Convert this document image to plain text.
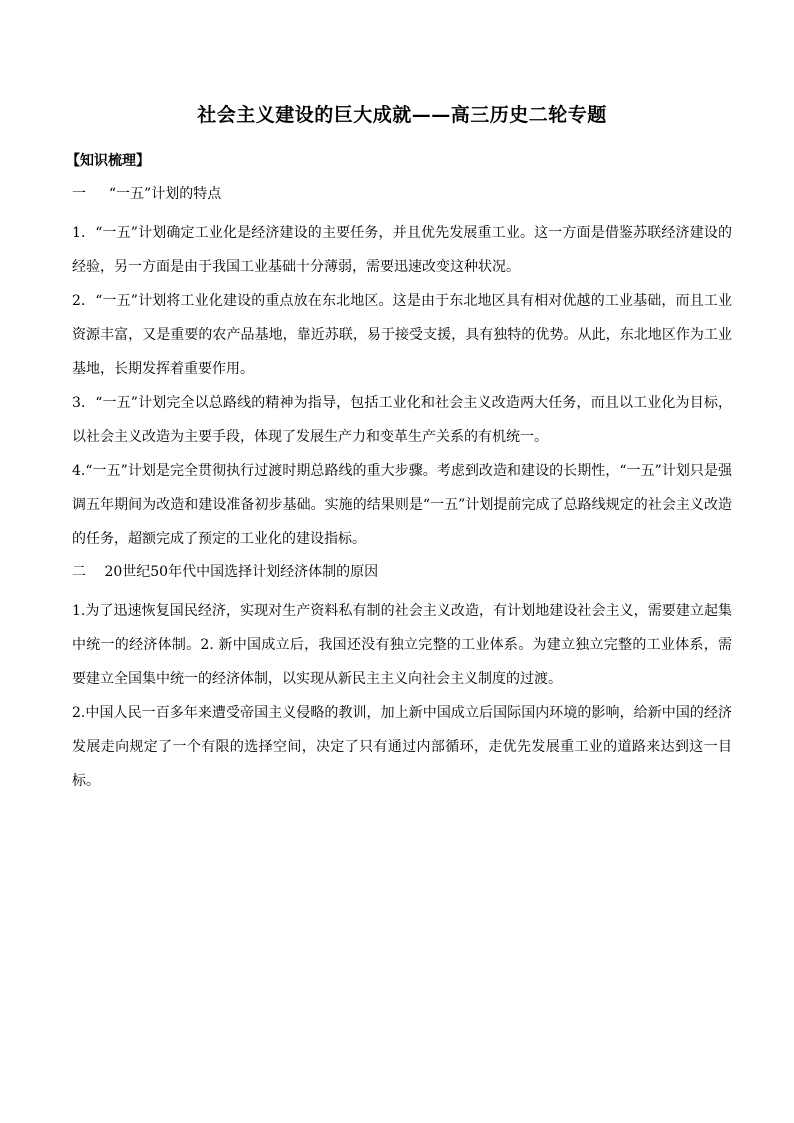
社会主义建设的巨大成就——高三历史二轮专题
【知识梳理】
一　  “一五”计划的特点

1．“一五”计划确定工业化是经济建设的主要任务，并且优先发展重工业。这一方面是借鉴苏联经济建设的经验，另一方面是由于我国工业基础十分薄弱，需要迅速改变这种状况。

2．“一五”计划将工业化建设的重点放在东北地区。这是由于东北地区具有相对优越的工业基础，而且工业资源丰富，又是重要的农产品基地，靠近苏联，易于接受支援，具有独特的优势。从此，东北地区作为工业基地，长期发挥着重要作用。

3．“一五”计划完全以总路线的精神为指导，包括工业化和社会主义改造两大任务，而且以工业化为目标，以社会主义改造为主要手段，体现了发展生产力和变革生产关系的有机统一。

4.“一五”计划是完全贯彻执行过渡时期总路线的重大步骤。考虑到改造和建设的长期性，“一五”计划只是强调五年期间为改造和建设准备初步基础。实施的结果则是“一五”计划提前完成了总路线规定的社会主义改造的任务，超额完成了预定的工业化的建设指标。

二　 20世纪50年代中国选择计划经济体制的原因

1.为了迅速恢复国民经济，实现对生产资料私有制的社会主义改造，有计划地建设社会主义，需要建立起集中统一的经济体制。2. 新中国成立后，我国还没有独立完整的工业体系。为建立独立完整的工业体系，需要建立全国集中统一的经济体制，以实现从新民主主义向社会主义制度的过渡。

2.中国人民一百多年来遭受帝国主义侵略的教训，加上新中国成立后国际国内环境的影响，给新中国的经济发展走向规定了一个有限的选择空间，决定了只有通过内部循环，走优先发展重工业的道路来达到这一目标。
